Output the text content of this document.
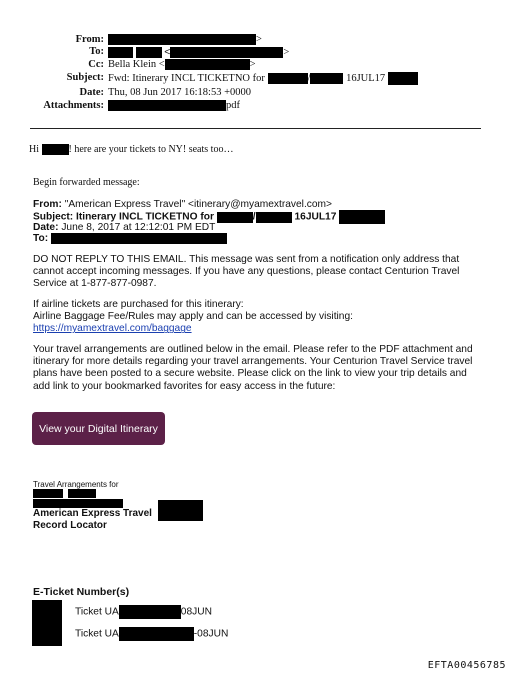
From:	>
To:	<	>
Cc: Bella Klein <	>
Subject: Fwd: Itinerary INCL TICKETNO for	/	16JUL17
Date: Thu, 08 Jun 2017 16:18:53 +0000
Attachments:	pdf
Hi	! here are your tickets to NY! seats too…
Begin forwarded message:
From: "American Express Travel" <itinerary@myamextravel.com>
Subject: Itinerary INCL TICKETNO for	/	16JUL17
Date: June 8, 2017 at 12:12:01 PM EDT
To:
DO NOT REPLY TO THIS EMAIL. This message was sent from a notification only address that
cannot accept incoming messages. If you have any questions, please contact Centurion Travel
Service at 1-877-877-0987.
If airline tickets are purchased for this itinerary:
Airline Baggage Fee/Rules may apply and can be accessed by visiting:
https://myamextravel.com/baggage
Your travel arrangements are outlined below in the email. Please refer to the PDF attachment and
itinerary for more details regarding your travel arrangements. Your Centurion Travel Service travel
plans have been posted to a secure website. Please click on the link to view your trip details and
add link to your bookmarked favorites for easy access in the future:
View your Digital Itinerary
Travel Arrangements for
American Express Travel
Record Locator
E-Ticket Number(s)
Ticket UA	08JUN
Ticket UA	-08JUN
EFTA00456785
